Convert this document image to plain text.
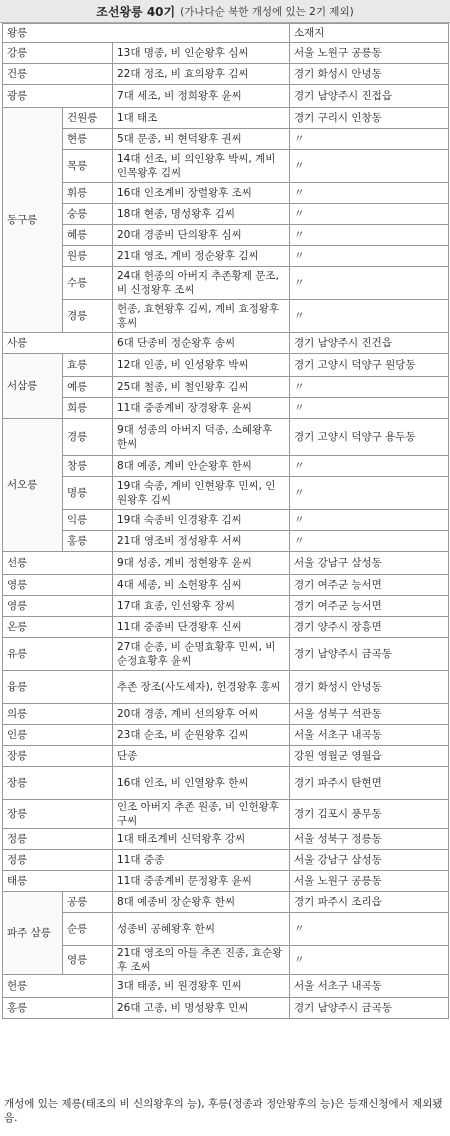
조선왕릉 40기 (가나다순 북한 개성에 있는 2기 제외)
왕릉			소재지
강릉		13대 명종, 비 인순왕후 심씨	서울 노원구 공릉동
건릉		22대 정조, 비 효의왕후 김씨	경기 화성시 안녕동
광릉		7대 세조, 비 정희왕후 윤씨	경기 남양주시 진접읍
동구릉	건원릉	1대 태조	경기 구리시 인창동
	현릉	5대 문종, 비 현덕왕후 권씨	〃
	목릉	14대 선조, 비 의인왕후 박씨, 계비 인목왕후 김씨	〃
	휘릉	16대 인조계비 장렬왕후 조씨	〃
	숭릉	18대 현종, 명성왕후 김씨	〃
	혜릉	20대 경종비 단의왕후 심씨	〃
	원릉	21대 영조, 계비 정순왕후 김씨	〃
	수릉	24대 헌종의 아버지 추존황제 문조, 비 신정왕후 조씨	〃
	경릉	헌종, 효현왕후 김씨, 계비 효정왕후 홍씨	〃
사릉		6대 단종비 정순왕후 송씨	경기 남양주시 진건읍
서삼릉	효릉	12대 인종, 비 인성왕후 박씨	경기 고양시 덕양구 원당동
	예릉	25대 철종, 비 철인왕후 김씨	〃
	희릉	11대 중종계비 장경왕후 윤씨	〃
서오릉	경릉	9대 성종의 아버지 덕종, 소혜왕후 한씨	경기 고양시 덕양구 용두동
	창릉	8대 예종, 계비 안순왕후 한씨	〃
	명릉	19대 숙종, 계비 인현왕후 민씨, 인원왕후 김씨	〃
	익릉	19대 숙종비 인경왕후 김씨	〃
	홍릉	21대 영조비 정성왕후 서씨	〃
선릉		9대 성종, 계비 정현왕후 윤씨	서울 강남구 삼성동
영릉		4대 세종, 비 소헌왕후 심씨	경기 여주군 능서면
영릉		17대 효종, 인선왕후 장씨	경기 여주군 능서면
온릉		11대 중종비 단경왕후 신씨	경기 양주시 장흥면
유릉		27대 순종, 비 순명효황후 민씨, 비 순정효황후 윤씨	경기 남양주시 금곡동
융릉		추존 장조(사도세자), 헌경왕후 홍씨	경기 화성시 안녕동
의릉		20대 경종, 계비 선의왕후 어씨	서울 성북구 석관동
인릉		23대 순조, 비 순원왕후 김씨	서울 서초구 내곡동
장릉		단종	강원 영월군 영월읍
장릉		16대 인조, 비 인열왕후 한씨	경기 파주시 탄현면
장릉		인조 아버지 추존 원종, 비 인헌왕후 구씨	경기 김포시 풍무동
정릉		1대 태조계비 신덕왕후 강씨	서울 성북구 정릉동
정릉		11대 중종	서울 강남구 삼성동
태릉		11대 중종계비 문정왕후 윤씨	서울 노원구 공릉동
파주 삼릉	공릉	8대 예종비 장순왕후 한씨	경기 파주시 조리읍
	순릉	성종비 공혜왕후 한씨	〃
	영릉	21대 영조의 아들 추존 진종, 효순왕후 조씨	〃
헌릉		3대 태종, 비 원경왕후 민씨	서울 서초구 내곡동
홍릉		26대 고종, 비 명성왕후 민씨	경기 남양주시 금곡동
개성에 있는 제릉(태조의 비 신의왕후의 능), 후릉(정종과 정안왕후의 능)은 등재신청에서 제외됐음.
